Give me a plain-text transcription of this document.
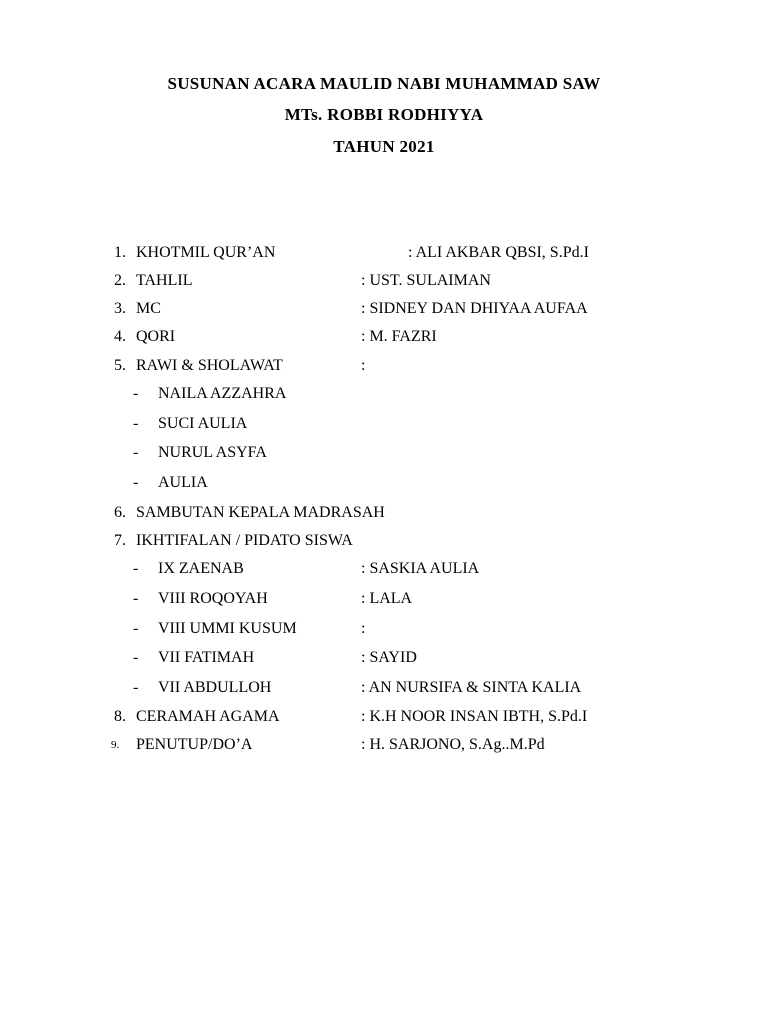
SUSUNAN ACARA MAULID NABI MUHAMMAD SAW
MTs. ROBBI RODHIYYA
TAHUN 2021
1. KHOTMIL QUR’AN	: ALI AKBAR QBSI, S.Pd.I
2. TAHLIL	: UST. SULAIMAN
3. MC	: SIDNEY DAN DHIYAA AUFAA
4. QORI	: M. FAZRI
5. RAWI & SHOLAWAT	:
- NAILA AZZAHRA
- SUCI AULIA
- NURUL ASYFA
- AULIA
6. SAMBUTAN KEPALA MADRASAH
7. IKHTIFALAN / PIDATO SISWA
- IX ZAENAB	: SASKIA AULIA
- VIII ROQOYAH	: LALA
- VIII UMMI KUSUM	:
- VII FATIMAH	: SAYID
- VII ABDULLOH	: AN NURSIFA & SINTA KALIA
8. CERAMAH AGAMA	: K.H NOOR INSAN IBTH, S.Pd.I
9. PENUTUP/DO’A	: H. SARJONO, S.Ag..M.Pd
